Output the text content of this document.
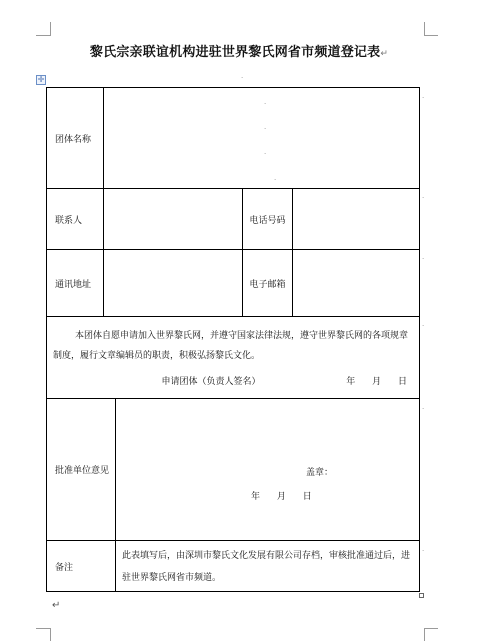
黎氏宗亲联谊机构进驻世界黎氏网省市频道登记表↵
.
✛
团体名称	.
.
.
.			

联系人			电话号码	
通讯地址			电子邮箱	

本团体自愿申请加入世界黎氏网，并遵守国家法律法规，遵守世界黎氏网的各项规章制度，履行文章编辑员的职责，积极弘扬黎氏文化。
申请团体（负责人签名） 年 月 日				

批准单位意见		盖章：
年 月 日		

备注		此表填写后，由深圳市黎氏文化发展有限公司存档，审核批准通过后，进驻世界黎氏网省市频道。		
.
.
.
.
.
.
↵
